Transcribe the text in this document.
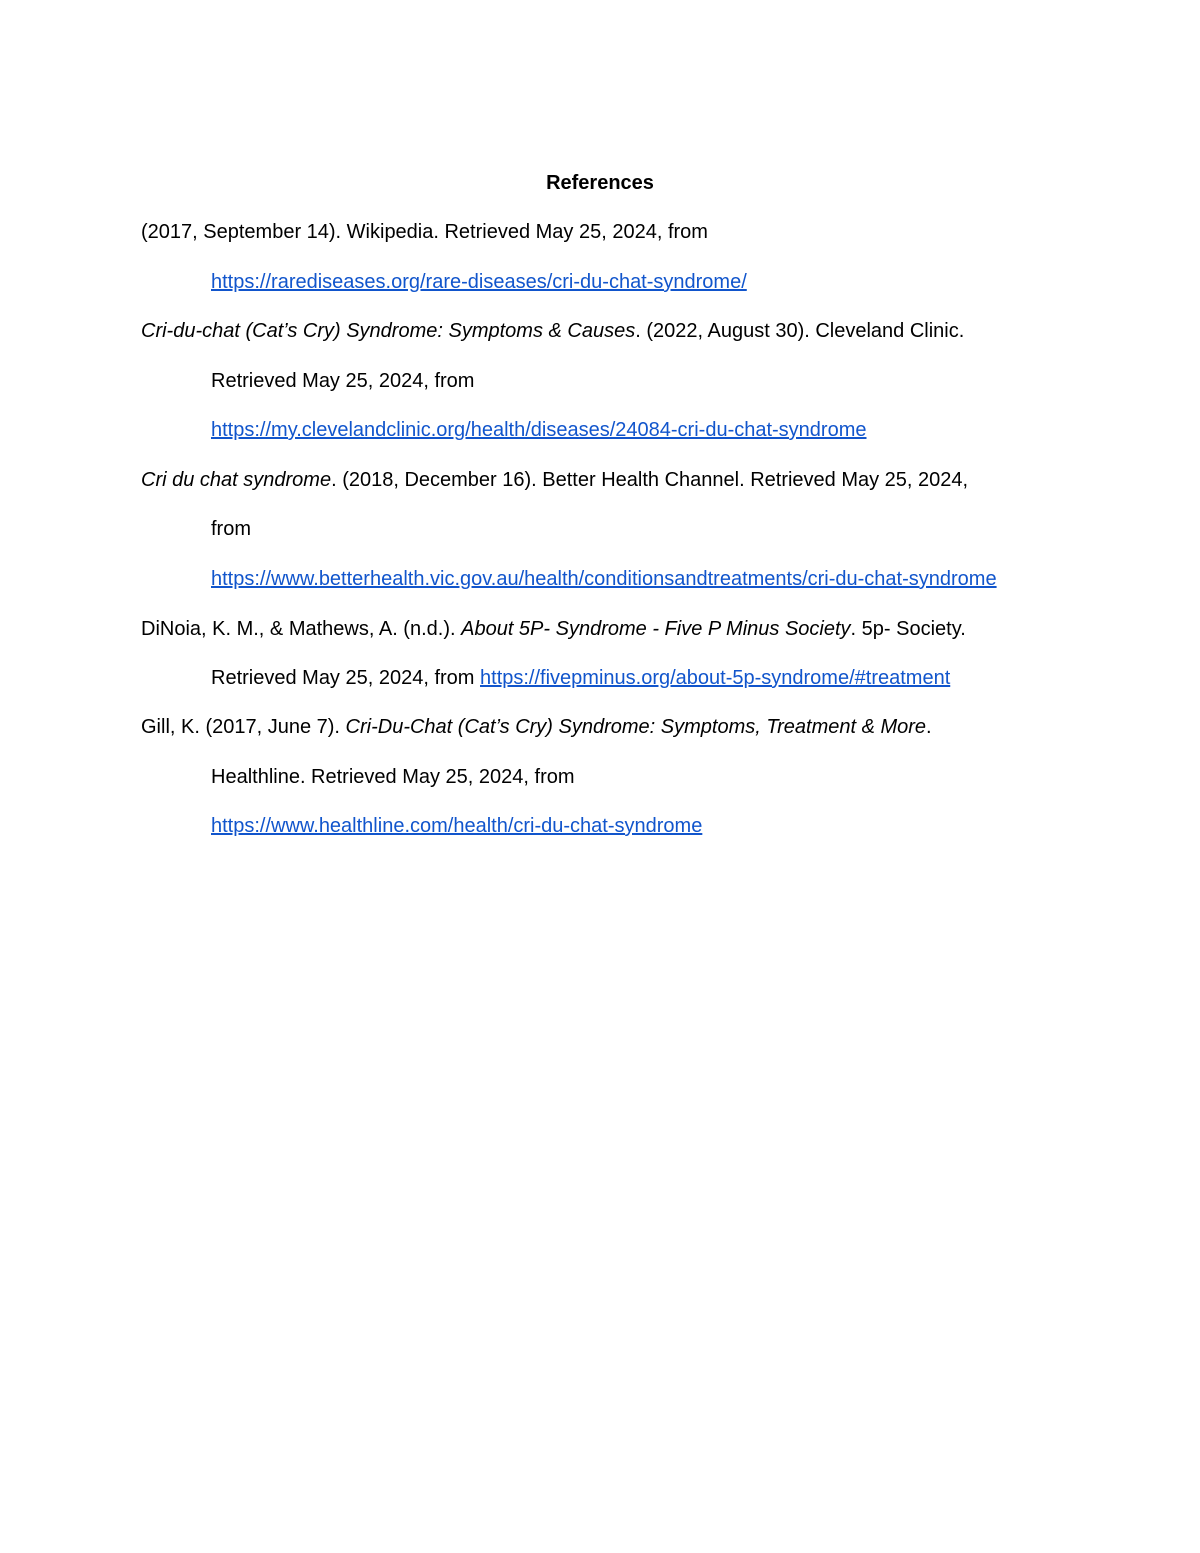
References
(2017, September 14). Wikipedia. Retrieved May 25, 2024, from
https://rarediseases.org/rare-diseases/cri-du-chat-syndrome/
Cri-du-chat (Cat’s Cry) Syndrome: Symptoms & Causes. (2022, August 30). Cleveland Clinic.
Retrieved May 25, 2024, from
https://my.clevelandclinic.org/health/diseases/24084-cri-du-chat-syndrome
Cri du chat syndrome. (2018, December 16). Better Health Channel. Retrieved May 25, 2024,
from
https://www.betterhealth.vic.gov.au/health/conditionsandtreatments/cri-du-chat-syndrome
DiNoia, K. M., & Mathews, A. (n.d.). About 5P- Syndrome - Five P Minus Society. 5p- Society.
Retrieved May 25, 2024, from https://fivepminus.org/about-5p-syndrome/#treatment
Gill, K. (2017, June 7). Cri-Du-Chat (Cat’s Cry) Syndrome: Symptoms, Treatment & More.
Healthline. Retrieved May 25, 2024, from
https://www.healthline.com/health/cri-du-chat-syndrome
